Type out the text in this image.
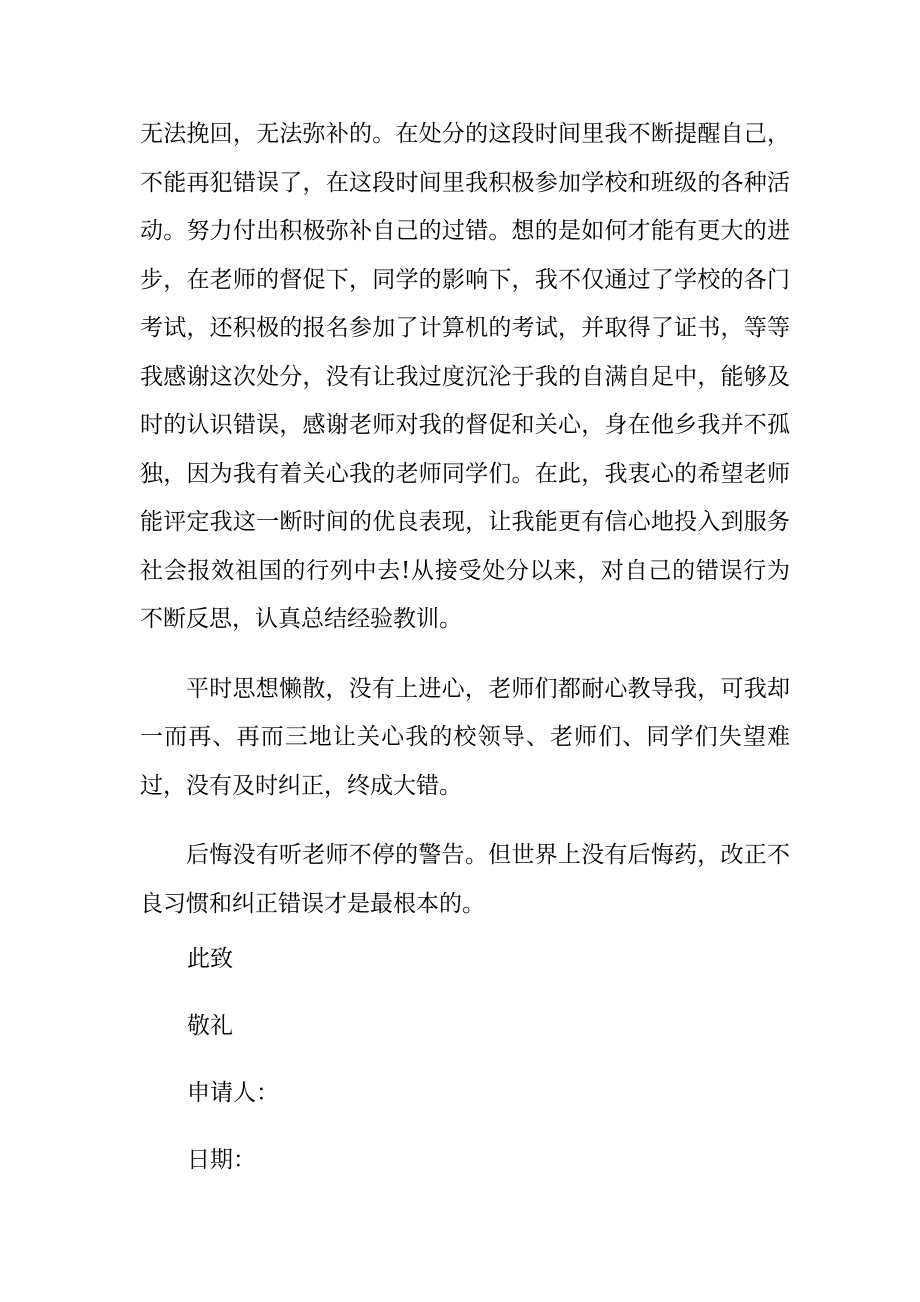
无法挽回，无法弥补的。在处分的这段时间里我不断提醒自己，不能再犯错误了，在这段时间里我积极参加学校和班级的各种活动。努力付出积极弥补自己的过错。想的是如何才能有更大的进步，在老师的督促下，同学的影响下，我不仅通过了学校的各门考试，还积极的报名参加了计算机的考试，并取得了证书，等等我感谢这次处分，没有让我过度沉沦于我的自满自足中，能够及时的认识错误，感谢老师对我的督促和关心，身在他乡我并不孤独，因为我有着关心我的老师同学们。在此，我衷心的希望老师能评定我这一断时间的优良表现，让我能更有信心地投入到服务社会报效祖国的行列中去!从接受处分以来，对自己的错误行为不断反思，认真总结经验教训。

平时思想懒散，没有上进心，老师们都耐心教导我，可我却一而再、再而三地让关心我的校领导、老师们、同学们失望难过，没有及时纠正，终成大错。

后悔没有听老师不停的警告。但世界上没有后悔药，改正不良习惯和纠正错误才是最根本的。

此致

敬礼

申请人：

日期：
